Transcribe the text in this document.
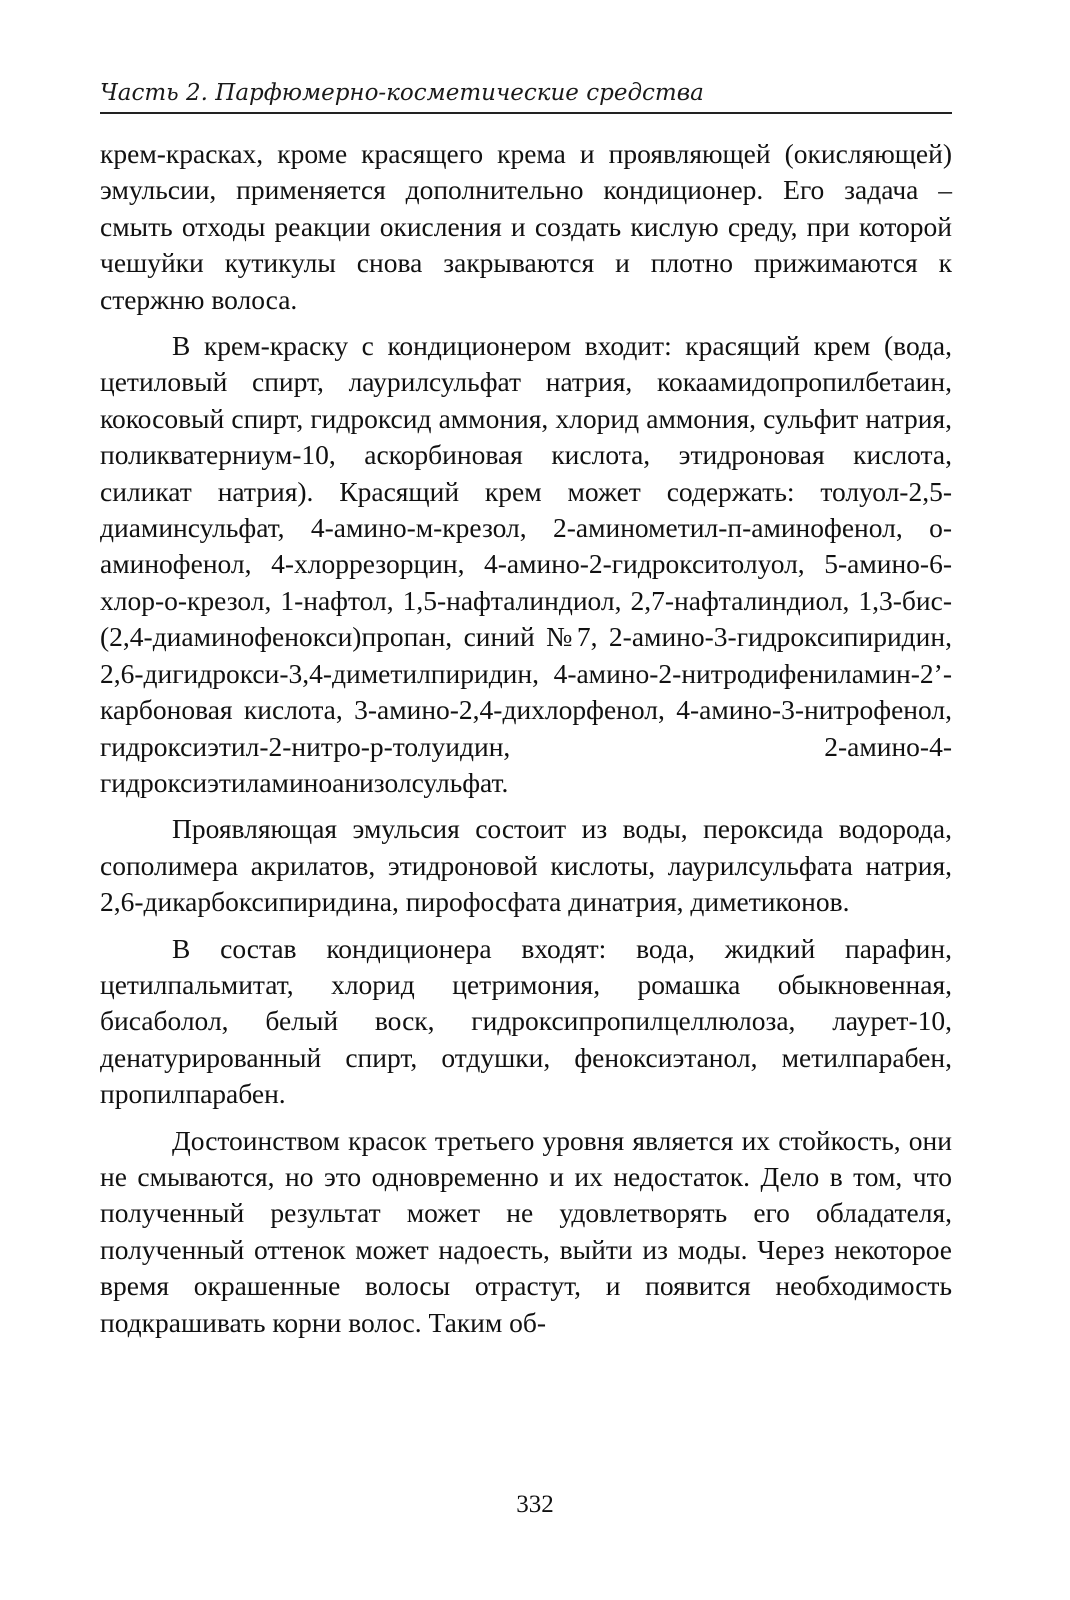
Часть 2. Парфюмерно-косметические средства

крем-красках, кроме красящего крема и проявляющей (окисляющей) эмульсии, применяется дополнительно кондиционер. Его задача – смыть отходы реакции окисления и создать кислую среду, при которой чешуйки кутикулы снова закрываются и плотно прижимаются к стержню волоса.

В крем-краску с кондиционером входит: красящий крем (вода, цетиловый спирт, лаурилсульфат натрия, кокаамидопропилбетаин, кокосовый спирт, гидроксид аммония, хлорид аммония, сульфит натрия, поликватерниум-10, аскорбиновая кислота, этидроновая кислота, силикат натрия). Красящий крем может содержать: толуол-2,5-диаминсульфат, 4-амино-м-крезол, 2-аминометил-п-аминофенол, о-аминофенол, 4-хлоррезорцин, 4-амино-2-гидрокситолуол, 5-амино-6-хлор-о-крезол, 1-нафтол, 1,5-нафталиндиол, 2,7-нафталиндиол, 1,3-бис-(2,4-диаминофенокси)пропан, синий №7, 2-амино-3-гидроксипиридин, 2,6-дигидрокси-3,4-диметилпиридин, 4-амино-2-нитродифениламин-2’-карбоновая кислота, 3-амино-2,4-дихлорфенол, 4-амино-3-нитрофенол, гидроксиэтил-2-нитро-р-толуидин, 2-амино-4-гидроксиэтиламиноанизолсульфат.

Проявляющая эмульсия состоит из воды, пероксида водорода, сополимера акрилатов, этидроновой кислоты, лаурилсульфата натрия, 2,6-дикарбоксипиридина, пирофосфата динатрия, диметиконов.

В состав кондиционера входят: вода, жидкий парафин, цетилпальмитат, хлорид цетримония, ромашка обыкновенная, бисаболол, белый воск, гидроксипропилцеллюлоза, лаурет-10, денатурированный спирт, отдушки, феноксиэтанол, метилпарабен, пропилпарабен.

Достоинством красок третьего уровня является их стойкость, они не смываются, но это одновременно и их недостаток. Дело в том, что полученный результат может не удовлетворять его обладателя, полученный оттенок может надоесть, выйти из моды. Через некоторое время окрашенные волосы отрастут, и появится необходимость подкрашивать корни волос. Таким об-

332
